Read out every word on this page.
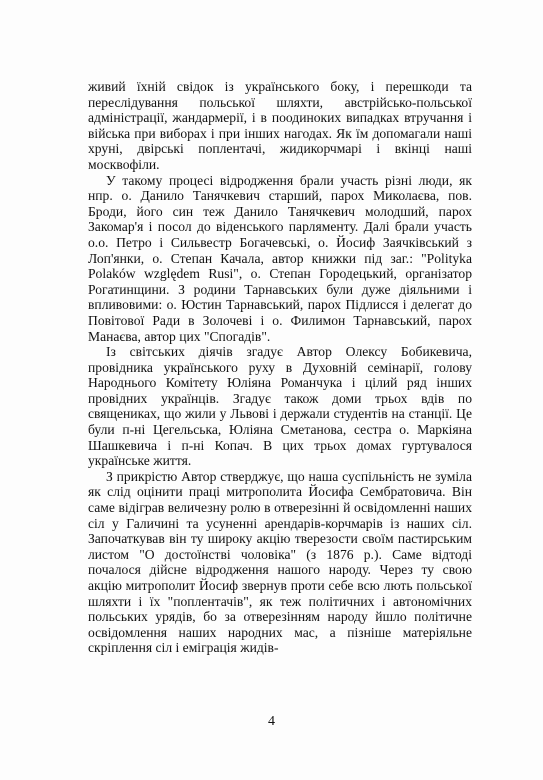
живий їхній свідок із українського боку, і перешкоди та переслідування польської шляхти, австрійсько-польської адміністрації, жандармерії, і в поодиноких випадках втручання і війська при виборах і при інших нагодах. Як їм допомагали наші хруні, двірські поплентачі, жидикорчмарі і вкінці наші москвофіли.

У такому процесі відродження брали участь різні люди, як нпр. о. Данило Танячкевич старший, парох Миколаєва, пов. Броди, його син теж Данило Танячкевич молодший, парох Закомар'я і посол до віденського парляменту. Далі брали участь о.о. Петро і Сильвестр Богачевські, о. Йосиф Заячківський з Лоп'янки, о. Степан Качала, автор книжки під заг.: "Polityka Polaków względem Rusi", о. Степан Городецький, організатор Рогатинщини. З родини Тарнавських були дуже діяльними і впливовими: о. Юстин Тарнавський, парох Підлисся і делегат до Повітової Ради в Золочеві і о. Филимон Тарнавський, парох Манаєва, автор цих "Спогадів".

Із світських діячів згадує Автор Олексу Бобикевича, провідника українського руху в Духовній семінарії, голову Народнього Комітету Юліяна Романчука і цілий ряд інших провідних українців. Згадує також доми трьох вдів по священиках, що жили у Львові і держали студентів на станції. Це були п-ні Цегельська, Юліяна Сметанова, сестра о. Маркіяна Шашкевича і п-ні Копач. В цих трьох домах гуртувалося українське життя.

З прикрістю Автор стверджує, що наша суспільність не зуміла як слід оцінити праці митрополита Йосифа Сембратовича. Він саме відіграв величезну ролю в отверезінні й освідомленні наших сіл у Галичині та усуненні арендарів-корчмарів із наших сіл. Започаткував він ту широку акцію тверезости своїм пастирським листом "О достоїнстві чоловіка" (з 1876 р.). Саме відтоді почалося дійсне відродження нашого народу. Через ту свою акцію митрополит Йосиф звернув проти себе всю лють польської шляхти і їх "поплентачів", як теж політичних і автономічних польських урядів, бо за отверезінням народу йшло політичне освідомлення наших народних мас, а пізніше матеріяльне скріплення сіл і еміграція жидів-

4
